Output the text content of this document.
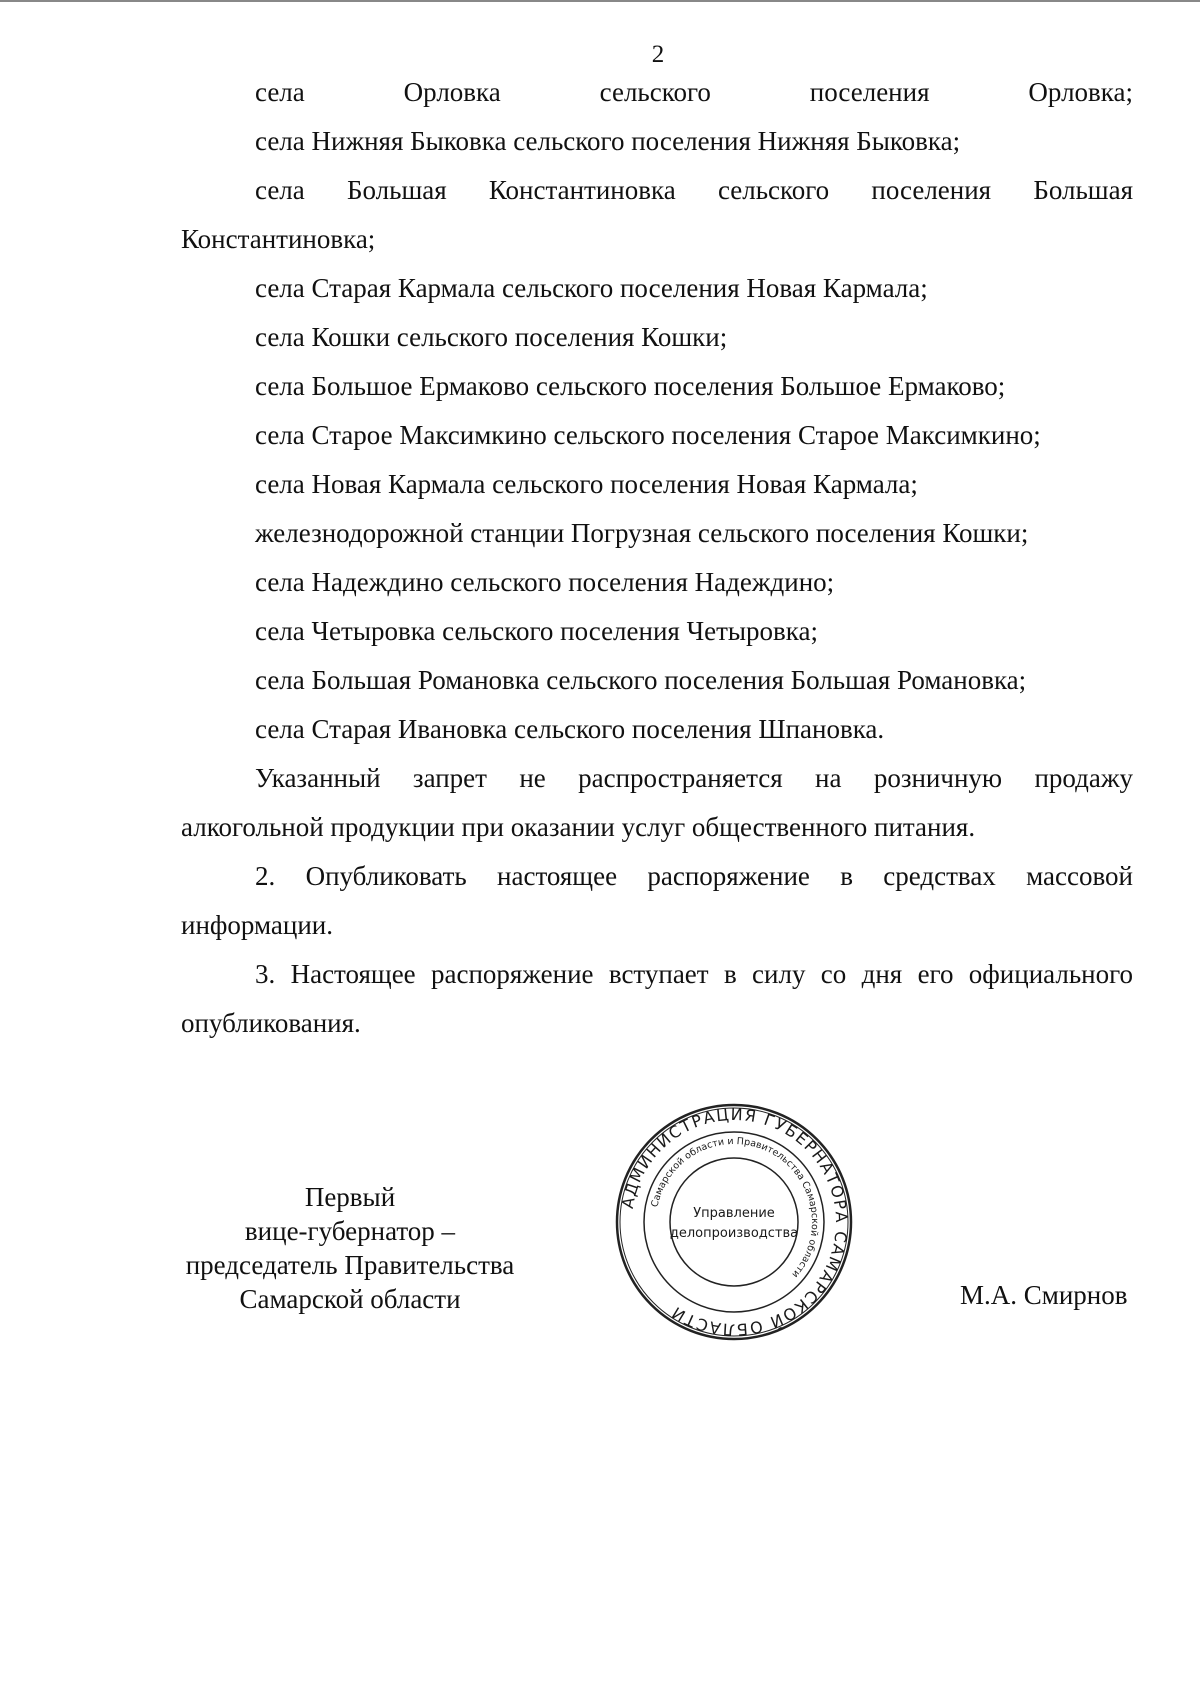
2
села Орловка сельского поселения Орловка;
села Нижняя Быковка сельского поселения Нижняя Быковка;
села Большая Константиновка сельского поселения Большая
Константиновка;
села Старая Кармала сельского поселения Новая Кармала;
села Кошки сельского поселения Кошки;
села Большое Ермаково сельского поселения Большое Ермаково;
села Старое Максимкино сельского поселения Старое Максимкино;
села Новая Кармала сельского поселения Новая Кармала;
железнодорожной станции Погрузная сельского поселения Кошки;
села Надеждино сельского поселения Надеждино;
села Четыровка сельского поселения Четыровка;
села Большая Романовка сельского поселения Большая Романовка;
села Старая Ивановка сельского поселения Шпановка.
Указанный запрет не распространяется на розничную продажу
алкогольной продукции при оказании услуг общественного питания.
2. Опубликовать настоящее распоряжение в средствах массовой
информации.
3. Настоящее распоряжение вступает в силу со дня его официального
опубликования.
Первый
вице-губернатор –
председатель Правительства
Самарской области
АДМИНИСТРАЦИЯ ГУБЕРНАТОРА САМАРСКОЙ ОБЛАСТИ
Самарской области и Правительства Самарской области
Управление
делопроизводства
М.А. Смирнов
